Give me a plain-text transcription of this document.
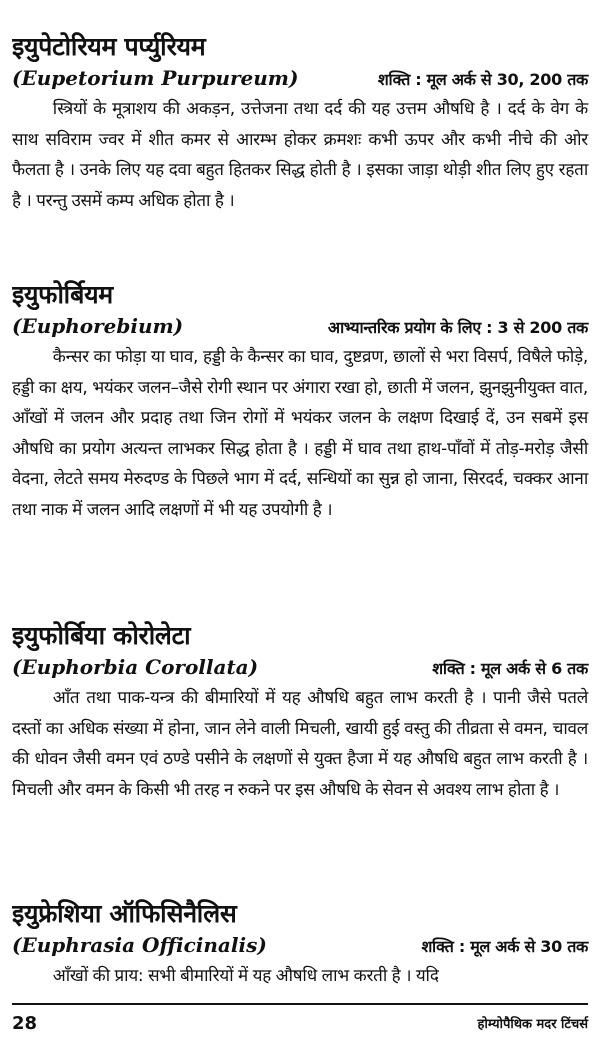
इयुपेटोरियम पर्प्युरियम
(Eupetorium Purpureum)	शक्ति : मूल अर्क से 30, 200 तक

स्त्रियों के मूत्राशय की अकड़न, उत्तेजना तथा दर्द की यह उत्तम औषधि है । दर्द के वेग के साथ सविराम ज्वर में शीत कमर से आरम्भ होकर क्रमशः कभी ऊपर और कभी नीचे की ओर फैलता है । उनके लिए यह दवा बहुत हितकर सिद्ध होती है । इसका जाड़ा थोड़ी शीत लिए हुए रहता है । परन्तु उसमें कम्प अधिक होता है ।

इयुफोर्बियम
(Euphorebium)	आभ्यान्तरिक प्रयोग के लिए : 3 से 200 तक

कैन्सर का फोड़ा या घाव, हड्डी के कैन्सर का घाव, दुष्टव्रण, छालों से भरा विसर्प, विषैले फोड़े, हड्डी का क्षय, भयंकर जलन–जैसे रोगी स्थान पर अंगारा रखा हो, छाती में जलन, झुनझुनीयुक्त वात, आँखों में जलन और प्रदाह तथा जिन रोगों में भयंकर जलन के लक्षण दिखाई दें, उन सबमें इस औषधि का प्रयोग अत्यन्त लाभकर सिद्ध होता है । हड्डी में घाव तथा हाथ-पाँवों में तोड़-मरोड़ जैसी वेदना, लेटते समय मेरुदण्ड के पिछले भाग में दर्द, सन्धियों का सुन्न हो जाना, सिरदर्द, चक्कर आना तथा नाक में जलन आदि लक्षणों में भी यह उपयोगी है ।

इयुफोर्बिया कोरोलेटा
(Euphorbia Corollata)	शक्ति : मूल अर्क से 6 तक

आँत तथा पाक-यन्त्र की बीमारियों में यह औषधि बहुत लाभ करती है । पानी जैसे पतले दस्तों का अधिक संख्या में होना, जान लेने वाली मिचली, खायी हुई वस्तु की तीव्रता से वमन, चावल की धोवन जैसी वमन एवं ठण्डे पसीने के लक्षणों से युक्त हैजा में यह औषधि बहुत लाभ करती है । मिचली और वमन के किसी भी तरह न रुकने पर इस औषधि के सेवन से अवश्य लाभ होता है ।

इयुफ्रेशिया ऑफिसिनैलिस
(Euphrasia Officinalis)	शक्ति : मूल अर्क से 30 तक

आँखों की प्राय: सभी बीमारियों में यह औषधि लाभ करती है । यदि

28	होम्योपैथिक मदर टिंचर्स
